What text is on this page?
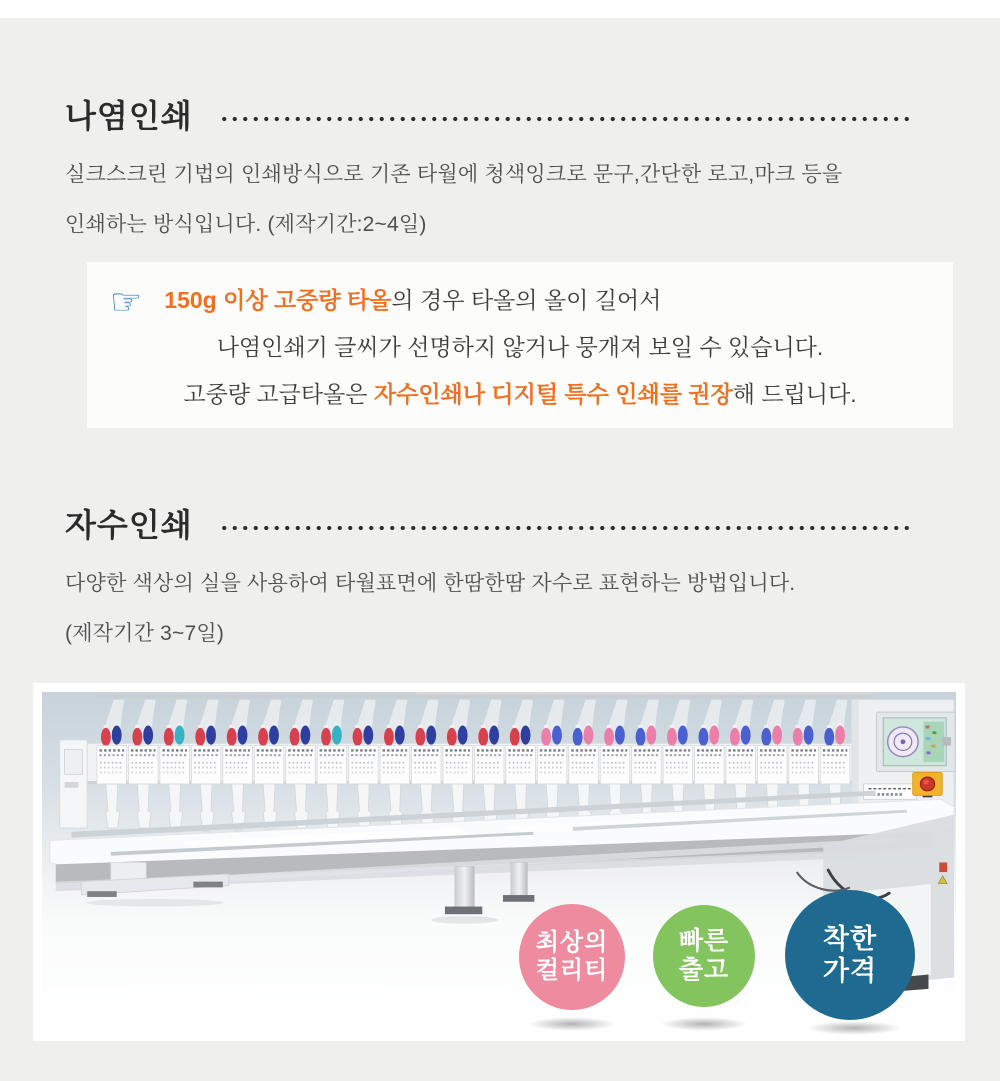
나염인쇄
실크스크린 기법의 인쇄방식으로 기존 타월에 청색잉크로 문구,간단한 로고,마크 등을
인쇄하는 방식입니다. (제작기간:2~4일)
☞ 150g 이상 고중량 타올의 경우 타올의 올이 길어서
나염인쇄기 글씨가 선명하지 않거나 뭉개져 보일 수 있습니다.
고중량 고급타올은 자수인쇄나 디지털 특수 인쇄를 권장해 드립니다.
자수인쇄
다양한 색상의 실을 사용하여 타월표면에 한땀한땀 자수로 표현하는 방법입니다.
(제작기간 3~7일)
최상의
컬리티
빠른
출고
착한
가격
